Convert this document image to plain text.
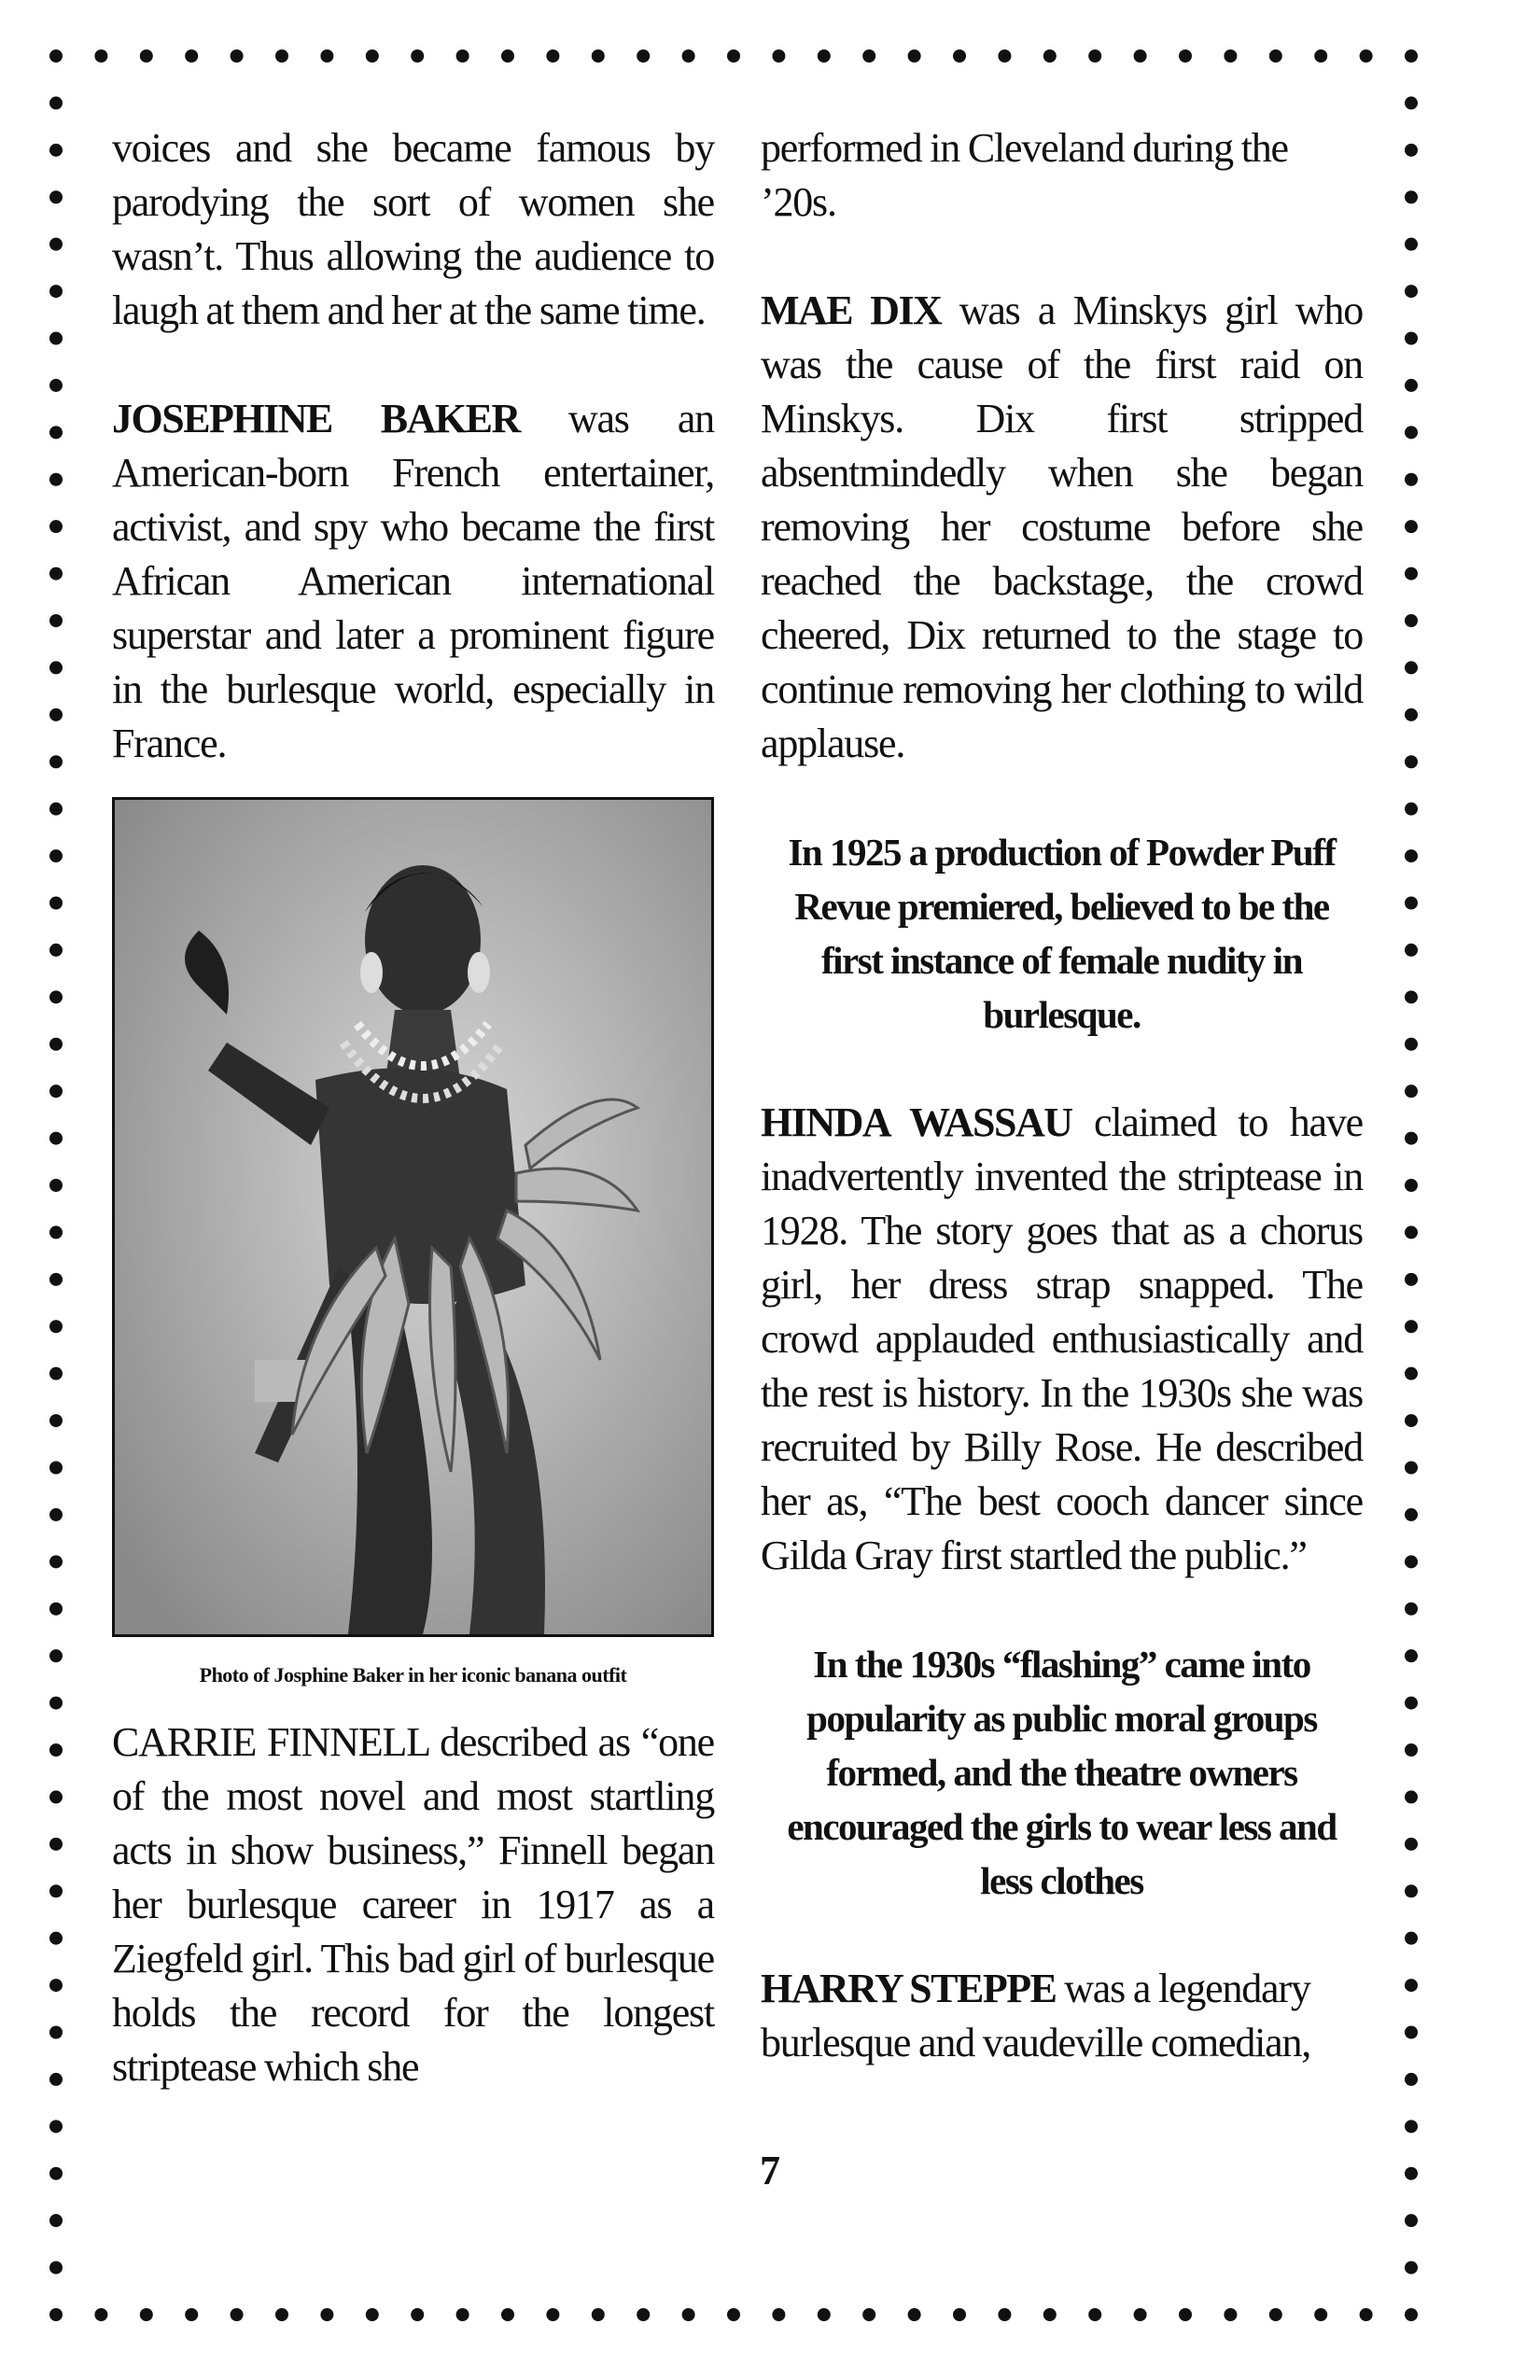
voices and she became famous by parodying the sort of women she wasn’t. Thus allowing the audience to laugh at them and her at the same time.

JOSEPHINE BAKER was an American-born French entertainer, activist, and spy who became the first African American international superstar and later a prominent figure in the burlesque world, especially in France.

Photo of Josphine Baker in her iconic banana outfit

CARRIE FINNELL described as “one of the most novel and most startling acts in show business,” Finnell began her burlesque career in 1917 as a Ziegfeld girl. This bad girl of burlesque holds the record for the longest striptease which she

performed in Cleveland during the ’20s.

MAE DIX was a Minskys girl who was the cause of the first raid on Minskys. Dix first stripped absentmindedly when she began removing her costume before she reached the backstage, the crowd cheered, Dix returned to the stage to continue removing her clothing to wild applause.

In 1925 a production of Powder Puff Revue premiered, believed to be the first instance of female nudity in burlesque.

HINDA WASSAU claimed to have inadvertently invented the striptease in 1928. The story goes that as a chorus girl, her dress strap snapped. The crowd applauded enthusiastically and the rest is history. In the 1930s she was recruited by Billy Rose. He described her as, “The best cooch dancer since Gilda Gray first startled the public.”

In the 1930s “flashing” came into popularity as public moral groups formed, and the theatre owners encouraged the girls to wear less and less clothes

HARRY STEPPE was a legendary burlesque and vaudeville comedian,

7
